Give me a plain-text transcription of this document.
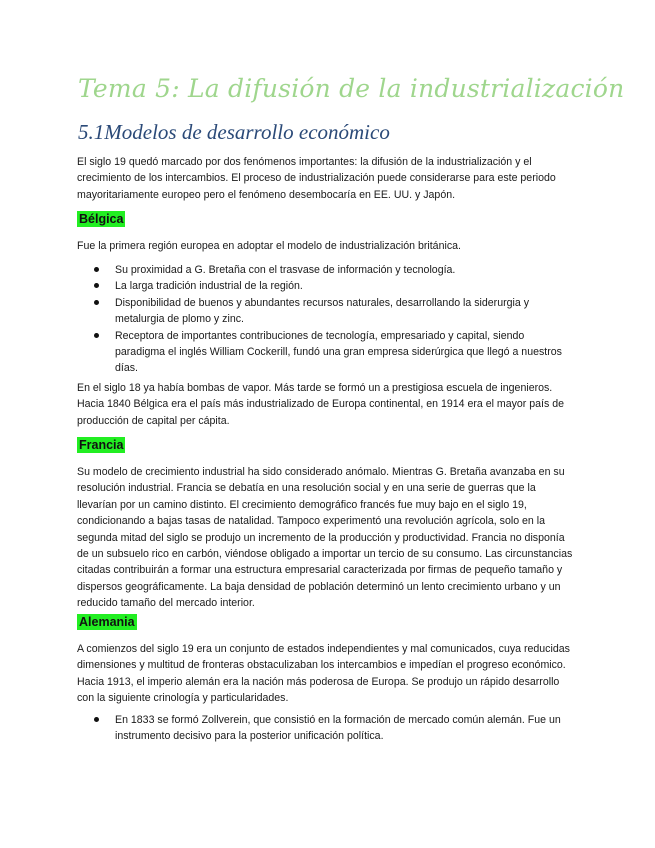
Tema 5: La difusión de la industrialización
5.1Modelos de desarrollo económico

El siglo 19 quedó marcado por dos fenómenos importantes: la difusión de la industrialización y el crecimiento de los intercambios. El proceso de industrialización puede considerarse para este periodo mayoritariamente europeo pero el fenómeno desembocaría en EE. UU. y Japón.

Bélgica

Fue la primera región europea en adoptar el modelo de industrialización británica.

Su proximidad a G. Bretaña con el trasvase de información y tecnología.
La larga tradición industrial de la región.
Disponibilidad de buenos y abundantes recursos naturales, desarrollando la siderurgia y metalurgia de plomo y zinc.
Receptora de importantes contribuciones de tecnología, empresariado y capital, siendo paradigma el inglés William Cockerill, fundó una gran empresa siderúrgica que llegó a nuestros días.

En el siglo 18 ya había bombas de vapor. Más tarde se formó un a prestigiosa escuela de ingenieros. Hacia 1840 Bélgica era el país más industrializado de Europa continental, en 1914 era el mayor país de producción de capital per cápita.

Francia

Su modelo de crecimiento industrial ha sido considerado anómalo. Mientras G. Bretaña avanzaba en su resolución industrial. Francia se debatía en una resolución social y en una serie de guerras que la llevarían por un camino distinto. El crecimiento demográfico francés fue muy bajo en el siglo 19, condicionando a bajas tasas de natalidad. Tampoco experimentó una revolución agrícola, solo en la segunda mitad del siglo se produjo un incremento de la producción y productividad. Francia no disponía de un subsuelo rico en carbón, viéndose obligado a importar un tercio de su consumo. Las circunstancias citadas contribuirán a formar una estructura empresarial caracterizada por firmas de pequeño tamaño y dispersos geográficamente. La baja densidad de población determinó un lento crecimiento urbano y un reducido tamaño del mercado interior.

Alemania

A comienzos del siglo 19 era un conjunto de estados independientes y mal comunicados, cuya reducidas dimensiones y multitud de fronteras obstaculizaban los intercambios e impedían el progreso económico. Hacia 1913, el imperio alemán era la nación más poderosa de Europa. Se produjo un rápido desarrollo con la siguiente crinología y particularidades.

En 1833 se formó Zollverein, que consistió en la formación de mercado común alemán. Fue un instrumento decisivo para la posterior unificación política.
